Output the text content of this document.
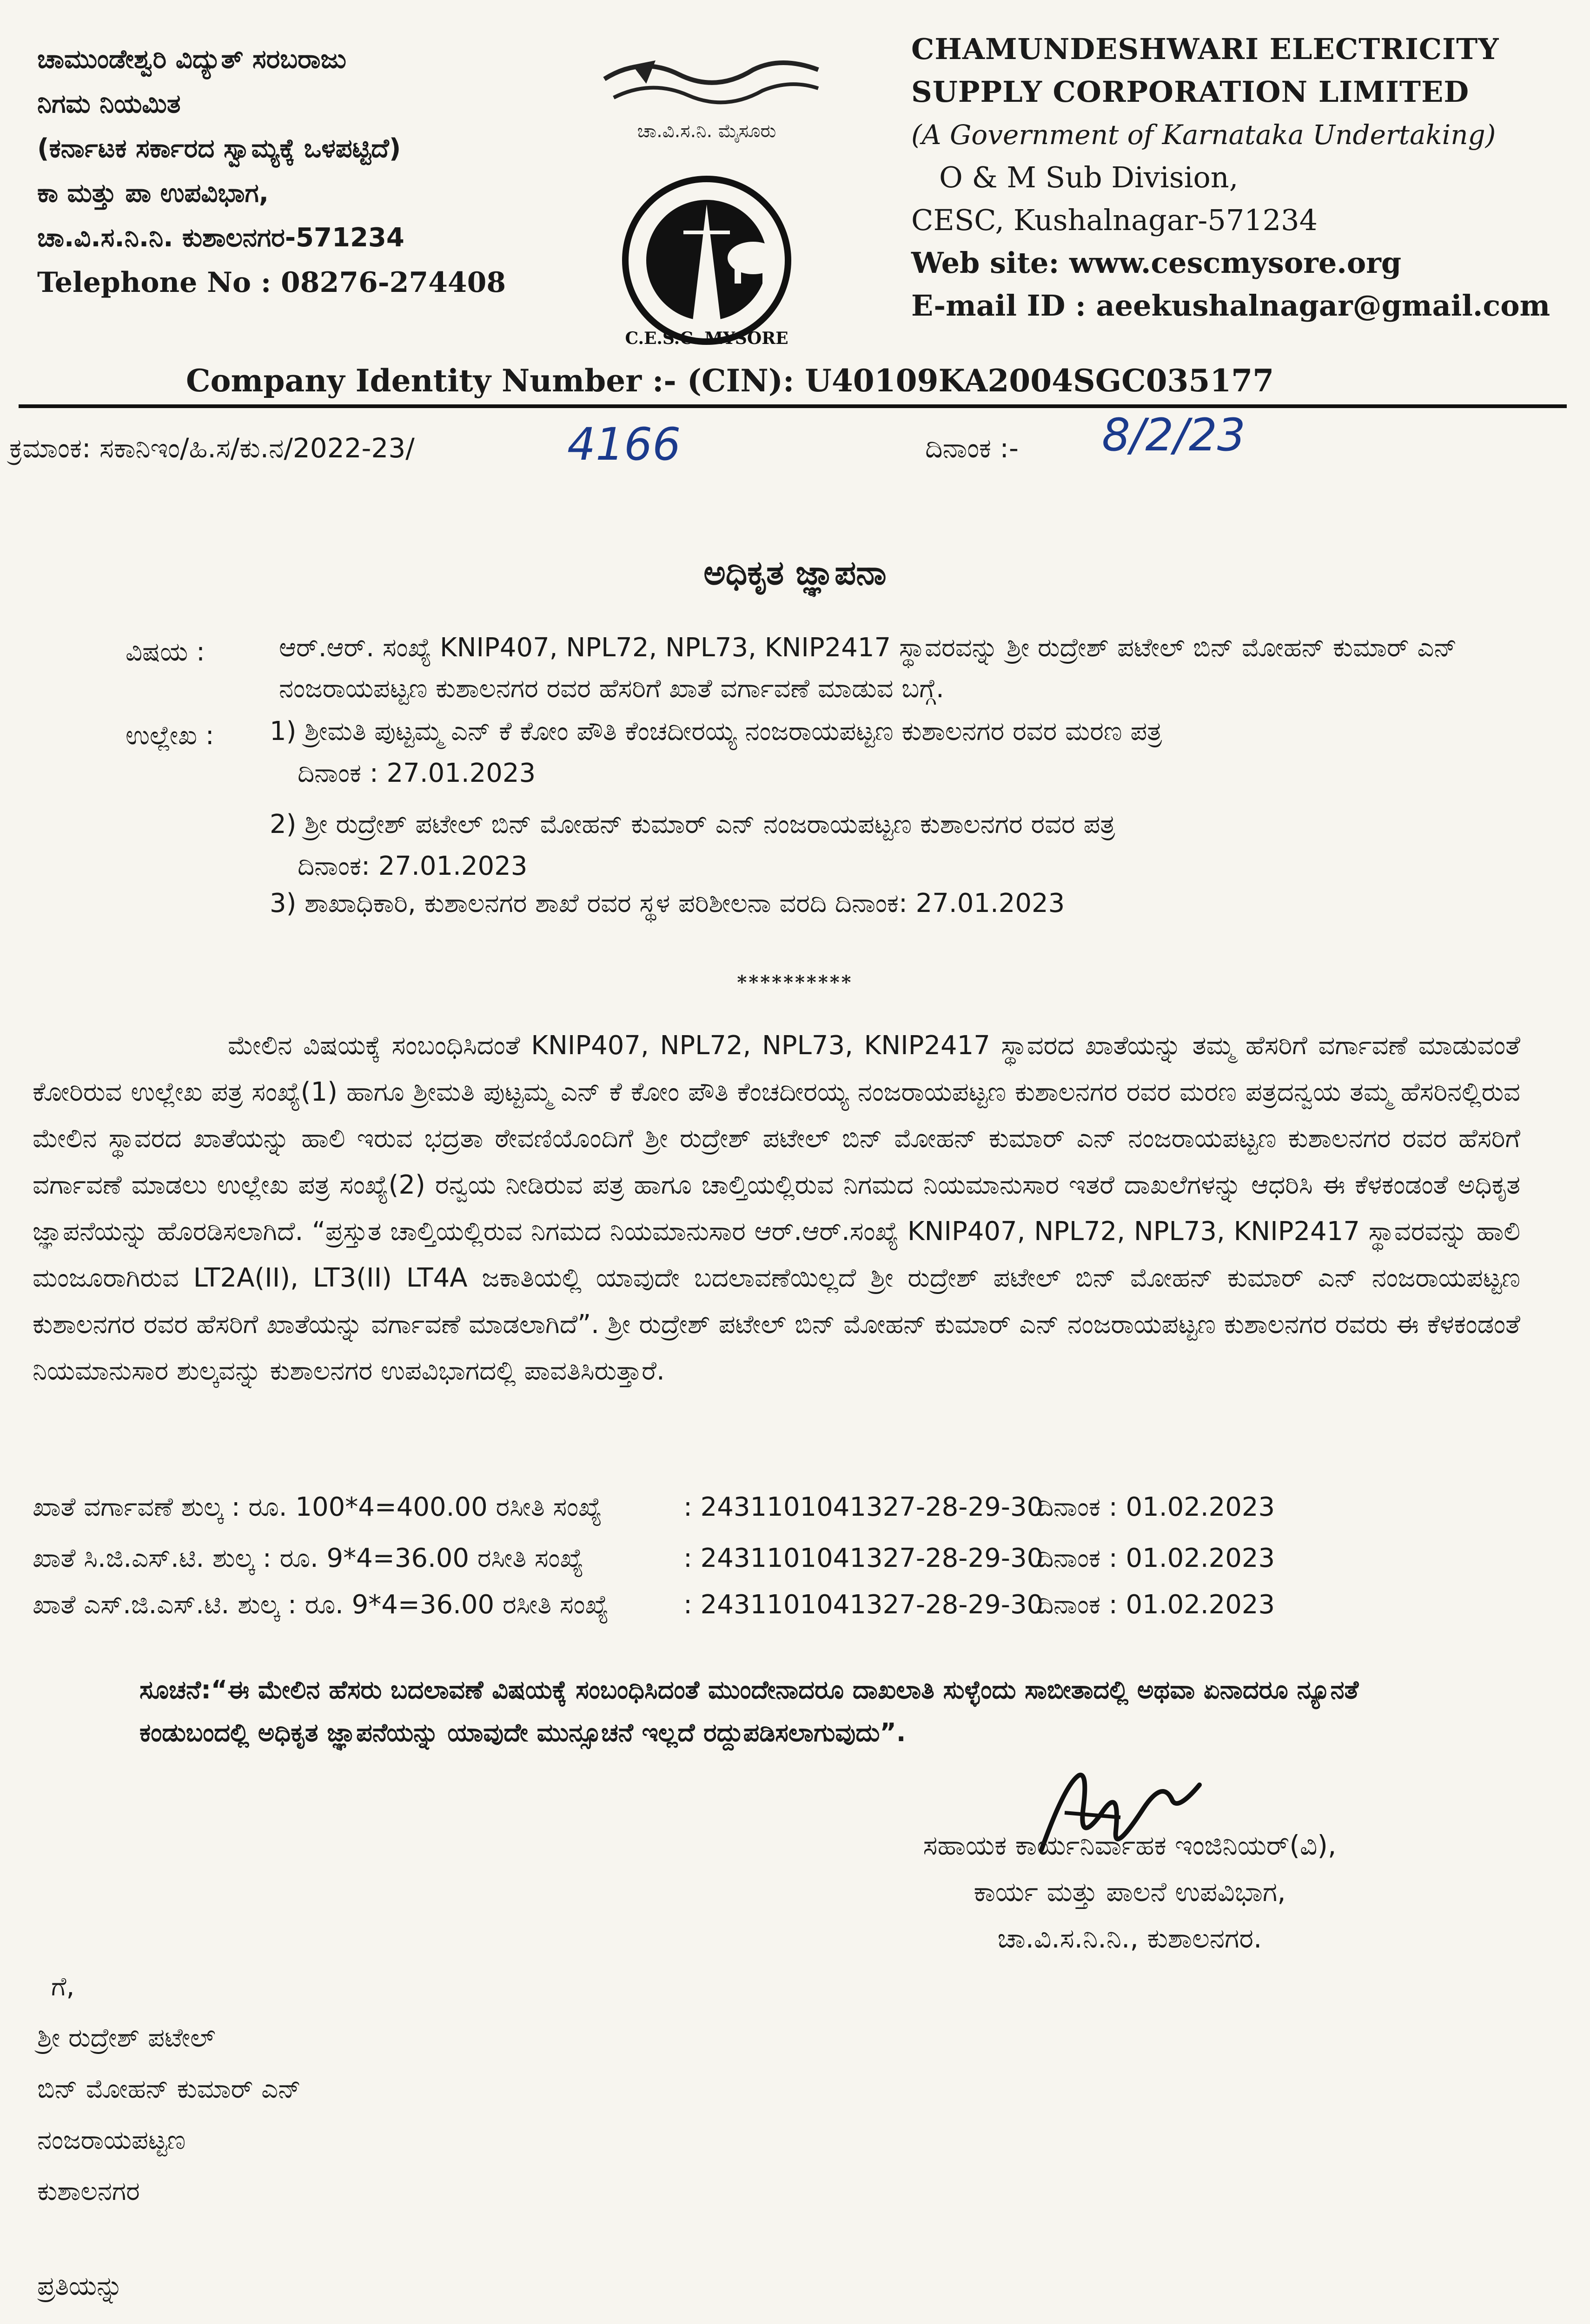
ಚಾಮುಂಡೇಶ್ವರಿ ವಿದ್ಯುತ್ ಸರಬರಾಜು
ನಿಗಮ ನಿಯಮಿತ
(ಕರ್ನಾಟಕ ಸರ್ಕಾರದ ಸ್ವಾಮ್ಯಕ್ಕೆ ಒಳಪಟ್ಟಿದೆ)
ಕಾ ಮತ್ತು ಪಾ ಉಪವಿಭಾಗ,
ಚಾ.ವಿ.ಸ.ನಿ.ನಿ. ಕುಶಾಲನಗರ-571234
Telephone No : 08276-274408
ಚಾ.ವಿ.ಸ.ನಿ. ಮೈಸೂರು
C.E.S.C. MYSORE
CHAMUNDESHWARI ELECTRICITY
SUPPLY CORPORATION LIMITED
(A Government of Karnataka Undertaking)
O & M Sub Division,
CESC, Kushalnagar-571234
Web site: www.cescmysore.org
E-mail ID : aeekushalnagar@gmail.com
Company Identity Number :- (CIN): U40109KA2004SGC035177
ಕ್ರಮಾಂಕ: ಸಕಾನಿಇಂ/ಹಿ.ಸ/ಕು.ನ/2022-23/	4166	ದಿನಾಂಕ :- 8/2/23
ಅಧಿಕೃತ ಜ್ಞಾಪನಾ
ವಿಷಯ :	ಆರ್.ಆರ್. ಸಂಖ್ಯೆ KNIP407, NPL72, NPL73, KNIP2417 ಸ್ಥಾವರವನ್ನು ಶ್ರೀ ರುದ್ರೇಶ್ ಪಟೇಲ್ ಬಿನ್ ಮೋಹನ್ ಕುಮಾರ್ ಎನ್ ನಂಜರಾಯಪಟ್ಟಣ ಕುಶಾಲನಗರ ರವರ ಹೆಸರಿಗೆ ಖಾತೆ ವರ್ಗಾವಣೆ ಮಾಡುವ ಬಗ್ಗೆ.
ಉಲ್ಲೇಖ : 1) ಶ್ರೀಮತಿ ಪುಟ್ಟಮ್ಮ ಎನ್ ಕೆ ಕೋಂ ಪೌತಿ ಕೆಂಚದೀರಯ್ಯ ನಂಜರಾಯಪಟ್ಟಣ ಕುಶಾಲನಗರ ರವರ ಮರಣ ಪತ್ರ
ದಿನಾಂಕ : 27.01.2023
2) ಶ್ರೀ ರುದ್ರೇಶ್ ಪಟೇಲ್ ಬಿನ್ ಮೋಹನ್ ಕುಮಾರ್ ಎನ್ ನಂಜರಾಯಪಟ್ಟಣ ಕುಶಾಲನಗರ ರವರ ಪತ್ರ
ದಿನಾಂಕ: 27.01.2023
3) ಶಾಖಾಧಿಕಾರಿ, ಕುಶಾಲನಗರ ಶಾಖೆ ರವರ ಸ್ಥಳ ಪರಿಶೀಲನಾ ವರದಿ ದಿನಾಂಕ: 27.01.2023
**********
ಮೇಲಿನ ವಿಷಯಕ್ಕೆ ಸಂಬಂಧಿಸಿದಂತೆ KNIP407, NPL72, NPL73, KNIP2417 ಸ್ಥಾವರದ ಖಾತೆಯನ್ನು ತಮ್ಮ ಹೆಸರಿಗೆ ವರ್ಗಾವಣೆ ಮಾಡುವಂತೆ ಕೋರಿರುವ ಉಲ್ಲೇಖ ಪತ್ರ ಸಂಖ್ಯೆ(1) ಹಾಗೂ ಶ್ರೀಮತಿ ಪುಟ್ಟಮ್ಮ ಎನ್ ಕೆ ಕೋಂ ಪೌತಿ ಕೆಂಚದೀರಯ್ಯ ನಂಜರಾಯಪಟ್ಟಣ ಕುಶಾಲನಗರ ರವರ ಮರಣ ಪತ್ರದನ್ವಯ ತಮ್ಮ ಹೆಸರಿನಲ್ಲಿರುವ ಮೇಲಿನ ಸ್ಥಾವರದ ಖಾತೆಯನ್ನು ಹಾಲಿ ಇರುವ ಭದ್ರತಾ ಠೇವಣಿಯೊಂದಿಗೆ ಶ್ರೀ ರುದ್ರೇಶ್ ಪಟೇಲ್ ಬಿನ್ ಮೋಹನ್ ಕುಮಾರ್ ಎನ್ ನಂಜರಾಯಪಟ್ಟಣ ಕುಶಾಲನಗರ ರವರ ಹೆಸರಿಗೆ ವರ್ಗಾವಣೆ ಮಾಡಲು ಉಲ್ಲೇಖ ಪತ್ರ ಸಂಖ್ಯೆ(2) ರನ್ವಯ ನೀಡಿರುವ ಪತ್ರ ಹಾಗೂ ಚಾಲ್ತಿಯಲ್ಲಿರುವ ನಿಗಮದ ನಿಯಮಾನುಸಾರ ಇತರೆ ದಾಖಲೆಗಳನ್ನು ಆಧರಿಸಿ ಈ ಕೆಳಕಂಡಂತೆ ಅಧಿಕೃತ ಜ್ಞಾಪನೆಯನ್ನು ಹೊರಡಿಸಲಾಗಿದೆ. “ಪ್ರಸ್ತುತ ಚಾಲ್ತಿಯಲ್ಲಿರುವ ನಿಗಮದ ನಿಯಮಾನುಸಾರ ಆರ್.ಆರ್.ಸಂಖ್ಯೆ KNIP407, NPL72, NPL73, KNIP2417 ಸ್ಥಾವರವನ್ನು ಹಾಲಿ ಮಂಜೂರಾಗಿರುವ LT2A(II), LT3(II) LT4A ಜಕಾತಿಯಲ್ಲಿ ಯಾವುದೇ ಬದಲಾವಣೆಯಿಲ್ಲದೆ ಶ್ರೀ ರುದ್ರೇಶ್ ಪಟೇಲ್ ಬಿನ್ ಮೋಹನ್ ಕುಮಾರ್ ಎನ್ ನಂಜರಾಯಪಟ್ಟಣ ಕುಶಾಲನಗರ ರವರ ಹೆಸರಿಗೆ ಖಾತೆಯನ್ನು ವರ್ಗಾವಣೆ ಮಾಡಲಾಗಿದೆ”. ಶ್ರೀ ರುದ್ರೇಶ್ ಪಟೇಲ್ ಬಿನ್ ಮೋಹನ್ ಕುಮಾರ್ ಎನ್ ನಂಜರಾಯಪಟ್ಟಣ ಕುಶಾಲನಗರ ರವರು ಈ ಕೆಳಕಂಡಂತೆ ನಿಯಮಾನುಸಾರ ಶುಲ್ಕವನ್ನು ಕುಶಾಲನಗರ ಉಪವಿಭಾಗದಲ್ಲಿ ಪಾವತಿಸಿರುತ್ತಾರೆ.
ಖಾತೆ ವರ್ಗಾವಣೆ ಶುಲ್ಕ : ರೂ. 100*4=400.00 ರಸೀತಿ ಸಂಖ್ಯೆ	: 2431101041327-28-29-30ದಿನಾಂಕ : 01.02.2023
ಖಾತೆ ಸಿ.ಜಿ.ಎಸ್.ಟಿ. ಶುಲ್ಕ : ರೂ. 9*4=36.00 ರಸೀತಿ ಸಂಖ್ಯೆ	: 2431101041327-28-29-30ದಿನಾಂಕ : 01.02.2023
ಖಾತೆ ಎಸ್.ಜಿ.ಎಸ್.ಟಿ. ಶುಲ್ಕ : ರೂ. 9*4=36.00 ರಸೀತಿ ಸಂಖ್ಯೆ	: 2431101041327-28-29-30ದಿನಾಂಕ : 01.02.2023
ಸೂಚನೆ:“ಈ ಮೇಲಿನ ಹೆಸರು ಬದಲಾವಣೆ ವಿಷಯಕ್ಕೆ ಸಂಬಂಧಿಸಿದಂತೆ ಮುಂದೇನಾದರೂ ದಾಖಲಾತಿ ಸುಳ್ಳೆಂದು ಸಾಬೀತಾದಲ್ಲಿ ಅಥವಾ ಏನಾದರೂ ನ್ಯೂನತೆ ಕಂಡುಬಂದಲ್ಲಿ ಅಧಿಕೃತ ಜ್ಞಾಪನೆಯನ್ನು ಯಾವುದೇ ಮುನ್ಸೂಚನೆ ಇಲ್ಲದೆ ರದ್ದುಪಡಿಸಲಾಗುವುದು”.
ಸಹಾಯಕ ಕಾರ್ಯನಿರ್ವಾಹಕ ಇಂಜಿನಿಯರ್(ವಿ),
ಕಾರ್ಯ ಮತ್ತು ಪಾಲನೆ ಉಪವಿಭಾಗ,
ಚಾ.ವಿ.ಸ.ನಿ.ನಿ., ಕುಶಾಲನಗರ.
ಗೆ,
ಶ್ರೀ ರುದ್ರೇಶ್ ಪಟೇಲ್
ಬಿನ್ ಮೋಹನ್ ಕುಮಾರ್ ಎನ್
ನಂಜರಾಯಪಟ್ಟಣ
ಕುಶಾಲನಗರ
ಪ್ರತಿಯನ್ನು
